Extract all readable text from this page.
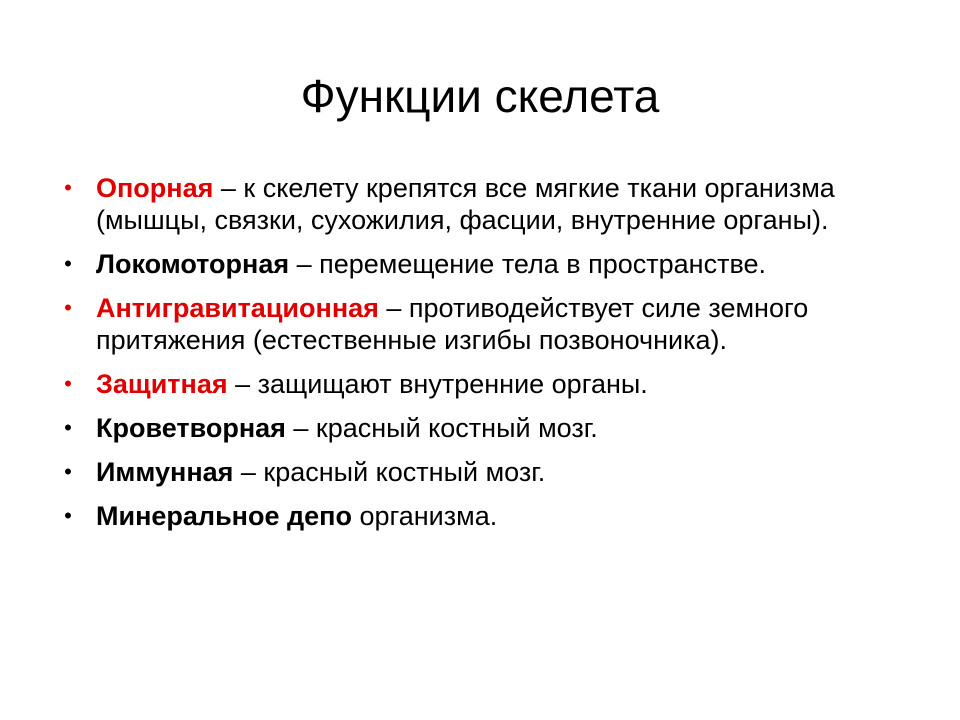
Функции скелета
• Опорная – к скелету крепятся все мягкие ткани организма (мышцы, связки, сухожилия, фасции, внутренние органы).
• Локомоторная – перемещение тела в пространстве.
• Антигравитационная – противодействует силе земного притяжения (естественные изгибы позвоночника).
• Защитная – защищают внутренние органы.
• Кроветворная – красный костный мозг.
• Иммунная – красный костный мозг.
• Минеральное депо организма.
